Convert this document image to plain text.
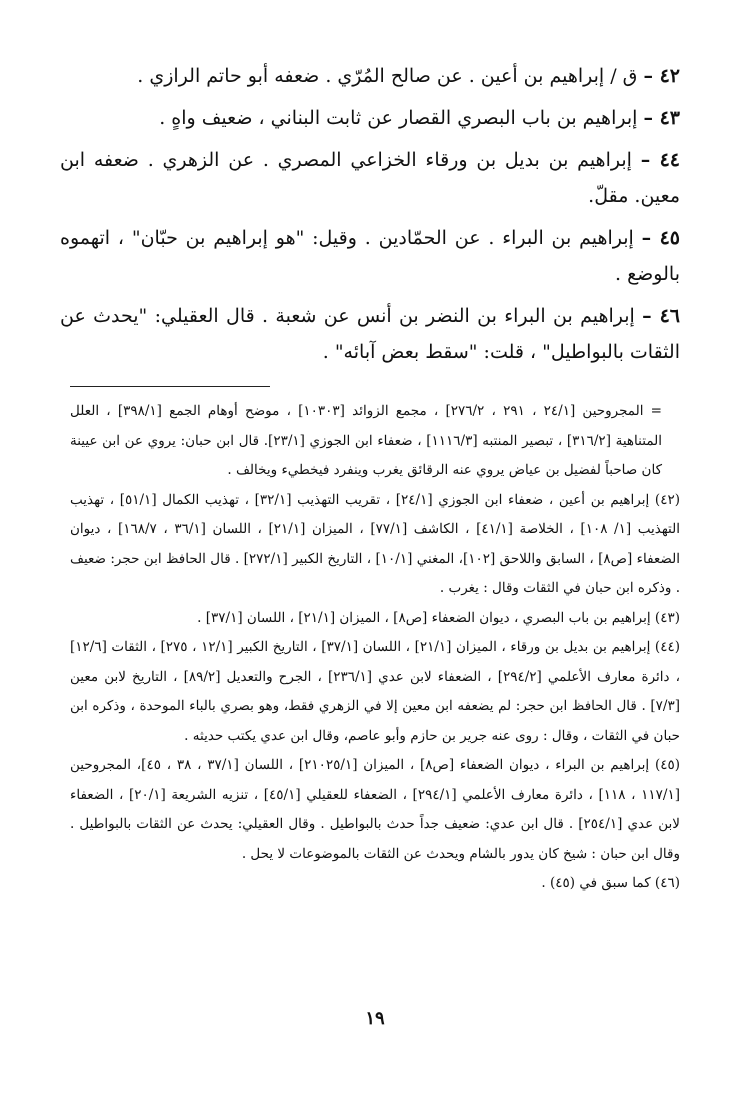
٤٢ – ق / إبراهيم بن أعين . عن صالح المُرّي . ضعفه أبو حاتم الرازي .

٤٣ – إبراهيم بن باب البصري القصار عن ثابت البناني ، ضعيف واهٍ .

٤٤ – إبراهيم بن بديل بن ورقاء الخزاعي المصري . عن الزهري . ضعفه ابن معين. مقلّ.

٤٥ – إبراهيم بن البراء . عن الحمّادين . وقيل: "هو إبراهيم بن حبّان" ، اتهموه بالوضع .

٤٦ – إبراهيم بن البراء بن النضر بن أنس عن شعبة . قال العقيلي: "يحدث عن الثقات بالبواطيل" ، قلت: "سقط بعض آبائه" .

= المجروحين [٢٤/١ ، ٢٩١ ، ٢٧٦/٢] ، مجمع الزوائد [١٠٣٠٣] ، موضح أوهام الجمع [٣٩٨/١] ، العلل المتناهية [٣١٦/٢] ، تبصير المنتبه [١١١٦/٣] ، ضعفاء ابن الجوزي [٢٣/١]. قال ابن حبان: يروي عن ابن عيينة كان صاحباً لفضيل بن عياض يروي عنه الرقائق يغرب وينفرد فيخطيء ويخالف .

(٤٢) إبراهيم بن أعين ، ضعفاء ابن الجوزي [٢٤/١] ، تقريب التهذيب [٣٢/١] ، تهذيب الكمال [٥١/١] ، تهذيب التهذيب [١/ ١٠٨] ، الخلاصة [٤١/١] ، الكاشف [٧٧/١] ، الميزان [٢١/١] ، اللسان [٣٦/١ ، ١٦٨/٧] ، ديوان الضعفاء [ص٨] ، السابق واللاحق [١٠٢]، المغني [١٠/١] ، التاريخ الكبير [٢٧٢/١] . قال الحافظ ابن حجر: ضعيف . وذكره ابن حبان في الثقات وقال : يغرب .

(٤٣) إبراهيم بن باب البصري ، ديوان الضعفاء [ص٨] ، الميزان [٢١/١] ، اللسان [٣٧/١] .

(٤٤) إبراهيم بن بديل بن ورقاء ، الميزان [٢١/١] ، اللسان [٣٧/١] ، التاريخ الكبير [١٢/١ ، ٢٧٥] ، الثقات [١٢/٦] ، دائرة معارف الأعلمي [٢٩٤/٢] ، الضعفاء لابن عدي [٢٣٦/١] ، الجرح والتعديل [٨٩/٢] ، التاريخ لابن معين [٧/٣] . قال الحافظ ابن حجر: لم يضعفه ابن معين إلا في الزهري فقط، وهو بصري بالباء الموحدة ، وذكره ابن حبان في الثقات ، وقال : روى عنه جرير بن حازم وأبو عاصم، وقال ابن عدي يكتب حديثه .

(٤٥) إبراهيم بن البراء ، ديوان الضعفاء [ص٨] ، الميزان [٢١٠٢٥/١] ، اللسان [٣٧/١ ، ٣٨ ، ٤٥]، المجروحين [١١٧/١ ، ١١٨] ، دائرة معارف الأعلمي [٢٩٤/١] ، الضعفاء للعقيلي [٤٥/١] ، تنزيه الشريعة [٢٠/١] ، الضعفاء لابن عدي [٢٥٤/١] . قال ابن عدي: ضعيف جداً حدث بالبواطيل . وقال العقيلي: يحدث عن الثقات بالبواطيل . وقال ابن حبان : شيخ كان يدور بالشام ويحدث عن الثقات بالموضوعات لا يحل .

(٤٦) كما سبق في (٤٥) .

١٩
